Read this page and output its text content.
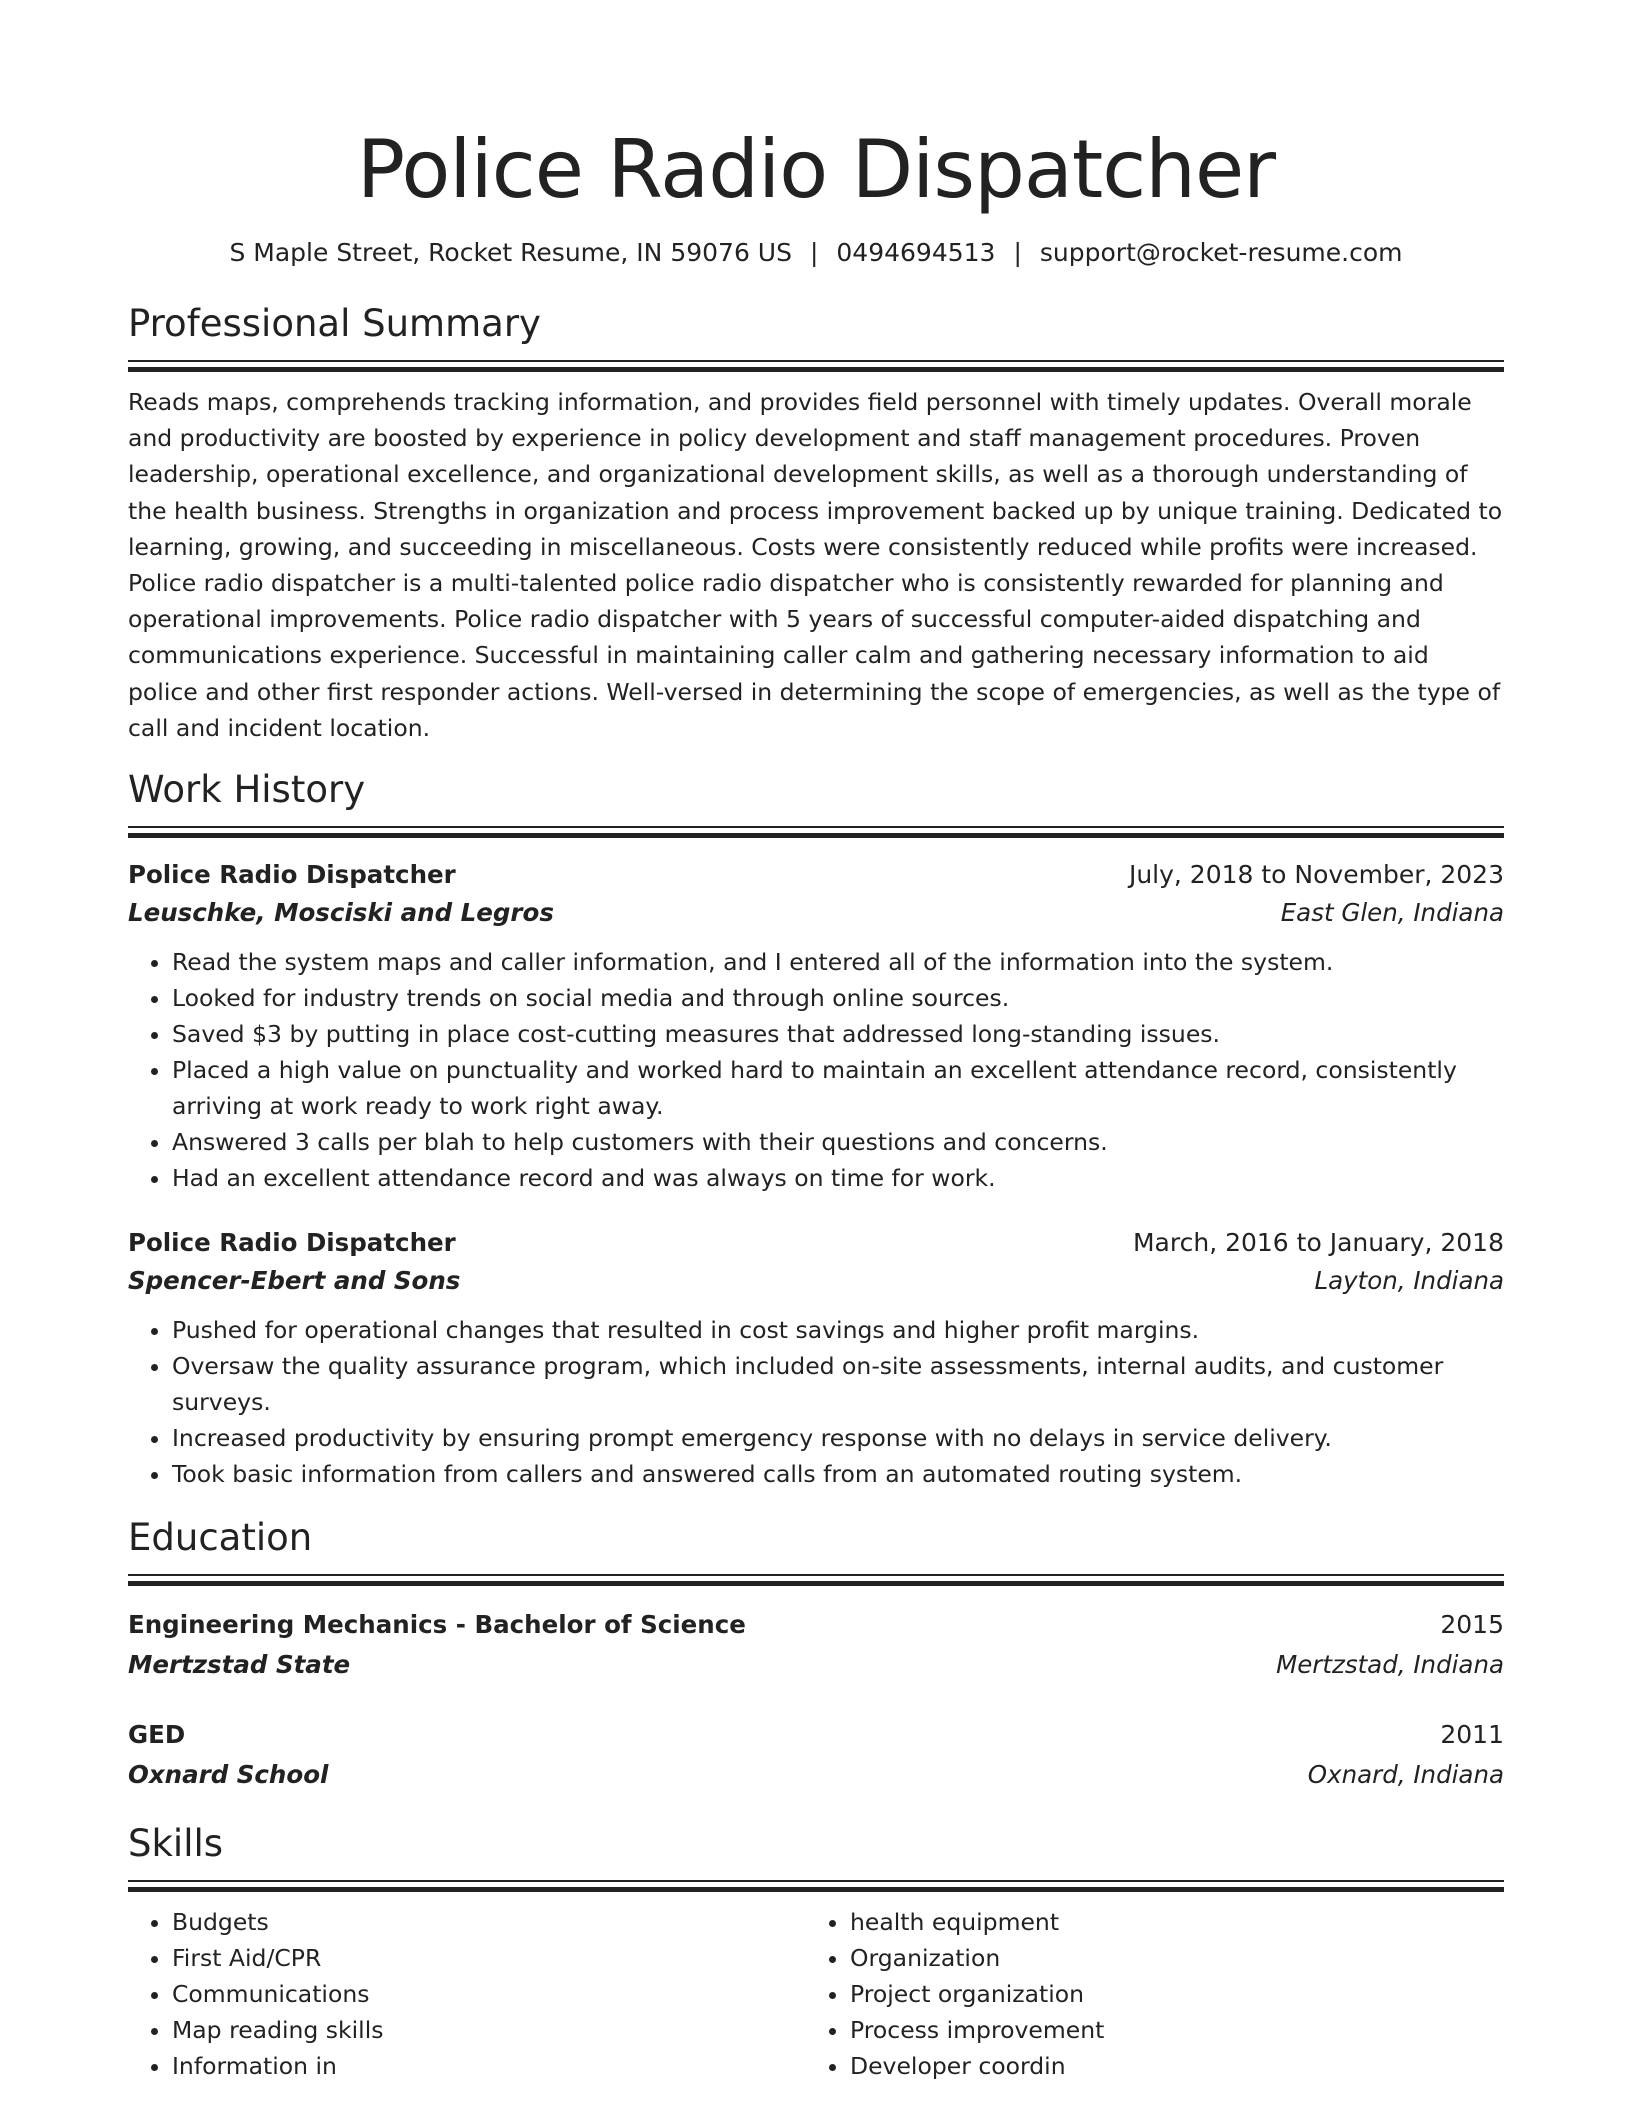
Police Radio Dispatcher
S Maple Street, Rocket Resume, IN 59076 US | 0494694513 | support@rocket-resume.com
Professional Summary

Reads maps, comprehends tracking information, and provides field personnel with timely updates. Overall morale and productivity are boosted by experience in policy development and staff management procedures. Proven leadership, operational excellence, and organizational development skills, as well as a thorough understanding of the health business. Strengths in organization and process improvement backed up by unique training. Dedicated to learning, growing, and succeeding in miscellaneous. Costs were consistently reduced while profits were increased. Police radio dispatcher is a multi-talented police radio dispatcher who is consistently rewarded for planning and operational improvements. Police radio dispatcher with 5 years of successful computer-aided dispatching and communications experience. Successful in maintaining caller calm and gathering necessary information to aid police and other first responder actions. Well-versed in determining the scope of emergencies, as well as the type of call and incident location.

Work History
Police Radio Dispatcher	July, 2018 to November, 2023
Leuschke, Mosciski and Legros	East Glen, Indiana
• Read the system maps and caller information, and I entered all of the information into the system.
• Looked for industry trends on social media and through online sources.
• Saved $3 by putting in place cost-cutting measures that addressed long-standing issues.
• Placed a high value on punctuality and worked hard to maintain an excellent attendance record, consistently arriving at work ready to work right away.
• Answered 3 calls per blah to help customers with their questions and concerns.
• Had an excellent attendance record and was always on time for work.
Police Radio Dispatcher	March, 2016 to January, 2018
Spencer-Ebert and Sons	Layton, Indiana
• Pushed for operational changes that resulted in cost savings and higher profit margins.
• Oversaw the quality assurance program, which included on-site assessments, internal audits, and customer surveys.
• Increased productivity by ensuring prompt emergency response with no delays in service delivery.
• Took basic information from callers and answered calls from an automated routing system.
Education
Engineering Mechanics - Bachelor of Science	2015
Mertzstad State	Mertzstad, Indiana
GED	2011
Oxnard School	Oxnard, Indiana
Skills
• Budgets
• First Aid/CPR
• Communications
• Map reading skills
• Information in
• health equipment
• Organization
• Project organization
• Process improvement
• Developer coordin
